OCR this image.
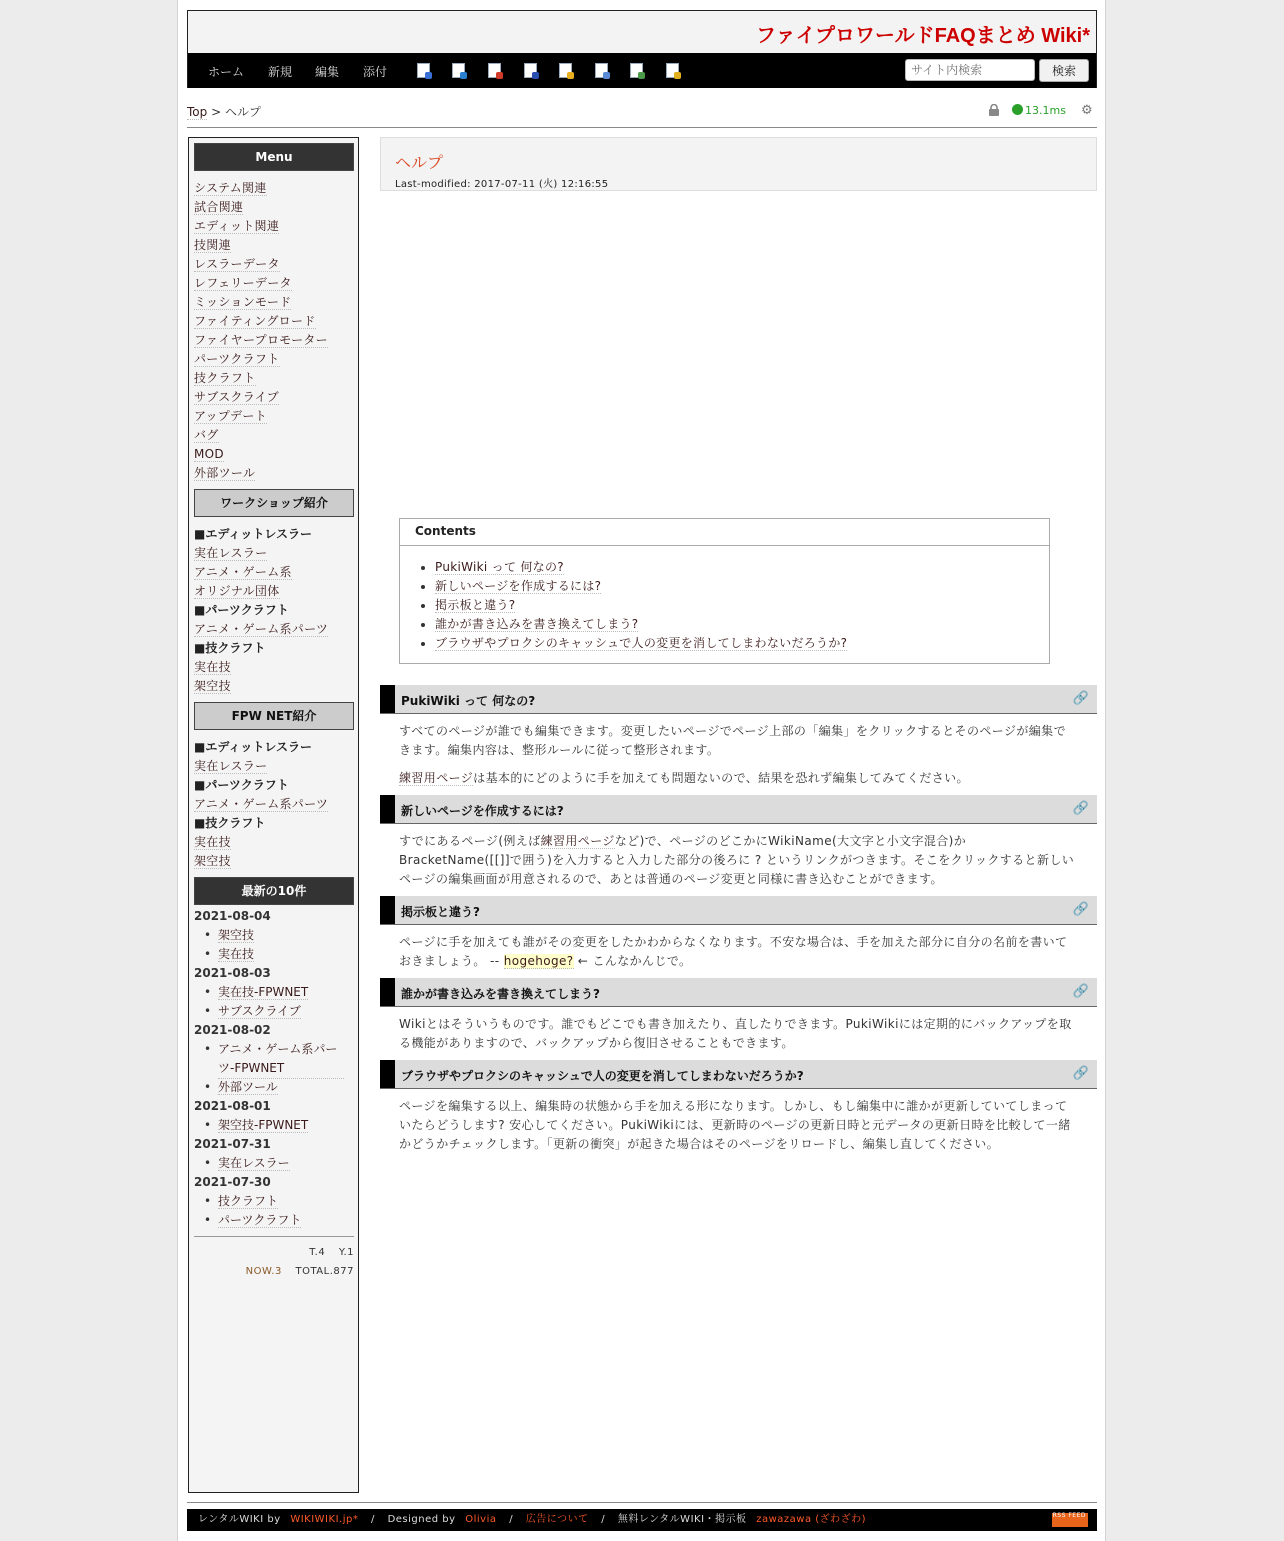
ファイプロワールドFAQまとめ Wiki*
ホーム 新規 編集 添付
サイト内検索	検索
Top > ヘルプ	13.1ms ⚙
Menu
システム関連
試合関連
エディット関連
技関連
レスラーデータ
レフェリーデータ
ミッションモード
ファイティングロード
ファイヤープロモーター
パーツクラフト
技クラフト
サブスクライブ
アップデート
バグ
MOD
外部ツール
ワークショップ紹介
■エディットレスラー
実在レスラー
アニメ・ゲーム系
オリジナル団体
■パーツクラフト
アニメ・ゲーム系パーツ
■技クラフト
実在技
架空技
FPW NET紹介
■エディットレスラー
実在レスラー
■パーツクラフト
アニメ・ゲーム系パーツ
■技クラフト
実在技
架空技
最新の10件
2021-08-04
• 架空技
• 実在技
2021-08-03
• 実在技-FPWNET
• サブスクライブ
2021-08-02
• アニメ・ゲーム系パーツ-FPWNET
• 外部ツール
2021-08-01
• 架空技-FPWNET
2021-07-31
• 実在レスラー
2021-07-30
• 技クラフト
• パーツクラフト
T.4 Y.1
NOW.3 TOTAL.877
ヘルプ
Last-modified: 2017-07-11 (火) 12:16:55
Contents
• PukiWiki って 何なの?
• 新しいページを作成するには?
• 掲示板と違う?
• 誰かが書き込みを書き換えてしまう?
• ブラウザやプロクシのキャッシュで人の変更を消してしまわないだろうか?
PukiWiki って 何なの?	🔗

すべてのページが誰でも編集できます。変更したいページでページ上部の「編集」をクリックするとそのページが編集できます。編集内容は、整形ルールに従って整形されます。

練習用ページは基本的にどのように手を加えても問題ないので、結果を恐れず編集してみてください。

新しいページを作成するには?	🔗

すでにあるページ(例えば練習用ページなど)で、ページのどこかにWikiName(大文字と小文字混合)かBracketName([[]]で囲う)を入力すると入力した部分の後ろに ? というリンクがつきます。そこをクリックすると新しいページの編集画面が用意されるので、あとは普通のページ変更と同様に書き込むことができます。

掲示板と違う?	🔗

ページに手を加えても誰がその変更をしたかわからなくなります。不安な場合は、手を加えた部分に自分の名前を書いておきましょう。 -- hogehoge? ← こんなかんじで。

誰かが書き込みを書き換えてしまう?	🔗

Wikiとはそういうものです。誰でもどこでも書き加えたり、直したりできます。PukiWikiには定期的にバックアップを取る機能がありますので、バックアップから復旧させることもできます。

ブラウザやプロクシのキャッシュで人の変更を消してしまわないだろうか?	🔗

ページを編集する以上、編集時の状態から手を加える形になります。しかし、もし編集中に誰かが更新していてしまっていたらどうします? 安心してください。PukiWikiには、更新時のページの更新日時と元データの更新日時を比較して一緒かどうかチェックします。「更新の衝突」が起きた場合はそのページをリロードし、編集し直してください。

レンタルWIKI by WIKIWIKI.jp* / Designed by Olivia / 広告について / 無料レンタルWIKI・掲示板 zawazawa (ざわざわ)	RSS FEED
